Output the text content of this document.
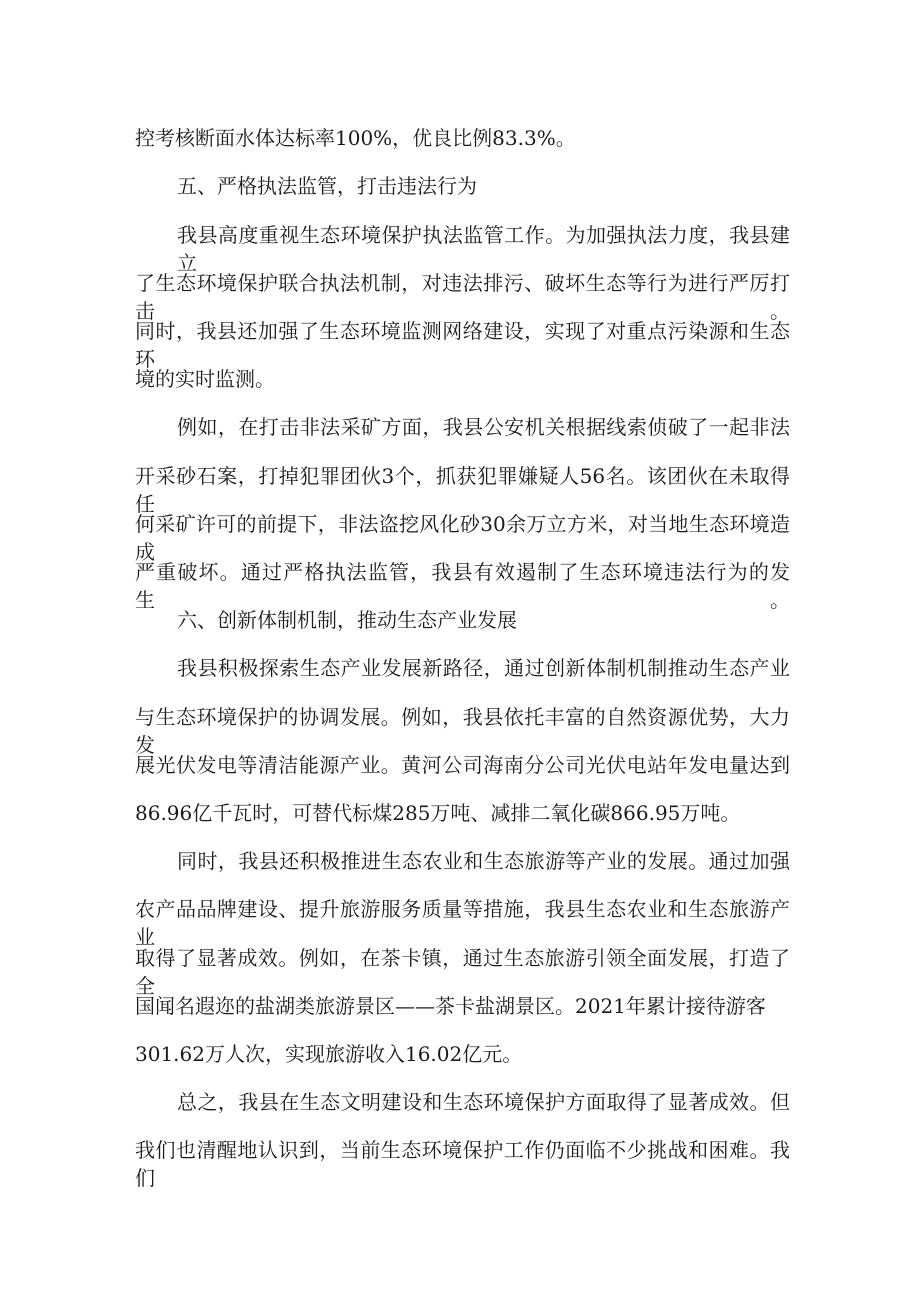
控考核断面水体达标率100%，优良比例83.3%。
五、严格执法监管，打击违法行为
我县高度重视生态环境保护执法监管工作。为加强执法力度，我县建立
了生态环境保护联合执法机制，对违法排污、破坏生态等行为进行严厉打击。
同时，我县还加强了生态环境监测网络建设，实现了对重点污染源和生态环
境的实时监测。
例如，在打击非法采矿方面，我县公安机关根据线索侦破了一起非法
开采砂石案，打掉犯罪团伙3个，抓获犯罪嫌疑人56名。该团伙在未取得任
何采矿许可的前提下，非法盗挖风化砂30余万立方米，对当地生态环境造成
严重破坏。通过严格执法监管，我县有效遏制了生态环境违法行为的发生。
六、创新体制机制，推动生态产业发展
我县积极探索生态产业发展新路径，通过创新体制机制推动生态产业
与生态环境保护的协调发展。例如，我县依托丰富的自然资源优势，大力发
展光伏发电等清洁能源产业。黄河公司海南分公司光伏电站年发电量达到
86.96亿千瓦时，可替代标煤285万吨、减排二氧化碳866.95万吨。
同时，我县还积极推进生态农业和生态旅游等产业的发展。通过加强
农产品品牌建设、提升旅游服务质量等措施，我县生态农业和生态旅游产业
取得了显著成效。例如，在茶卡镇，通过生态旅游引领全面发展，打造了全
国闻名遐迩的盐湖类旅游景区——茶卡盐湖景区。2021年累计接待游客
301.62万人次，实现旅游收入16.02亿元。
总之，我县在生态文明建设和生态环境保护方面取得了显著成效。但
我们也清醒地认识到，当前生态环境保护工作仍面临不少挑战和困难。我们
